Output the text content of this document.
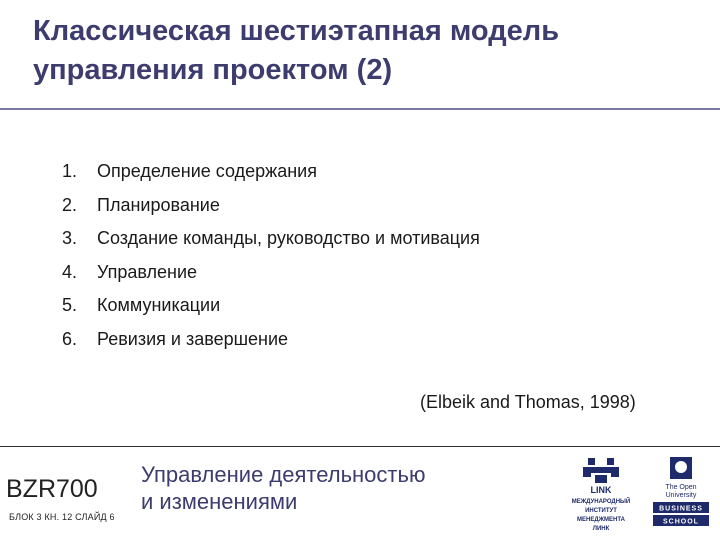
Классическая шестиэтапная модель
управления проектом (2)
1. Определение содержания
2. Планирование
3. Создание команды, руководство и мотивация
4. Управление
5. Коммуникации
6. Ревизия и завершение
(Elbeik and Thomas, 1998)
BZR700
БЛОК 3 КН. 12 СЛАЙД 6
Управление деятельностью
и изменениями	LINK
МЕЖДУНАРОДНЫЙ
ИНСТИТУТ
МЕНЕДЖМЕНТА
ЛИНК
The Open
University
BUSINESS
SCHOOL
